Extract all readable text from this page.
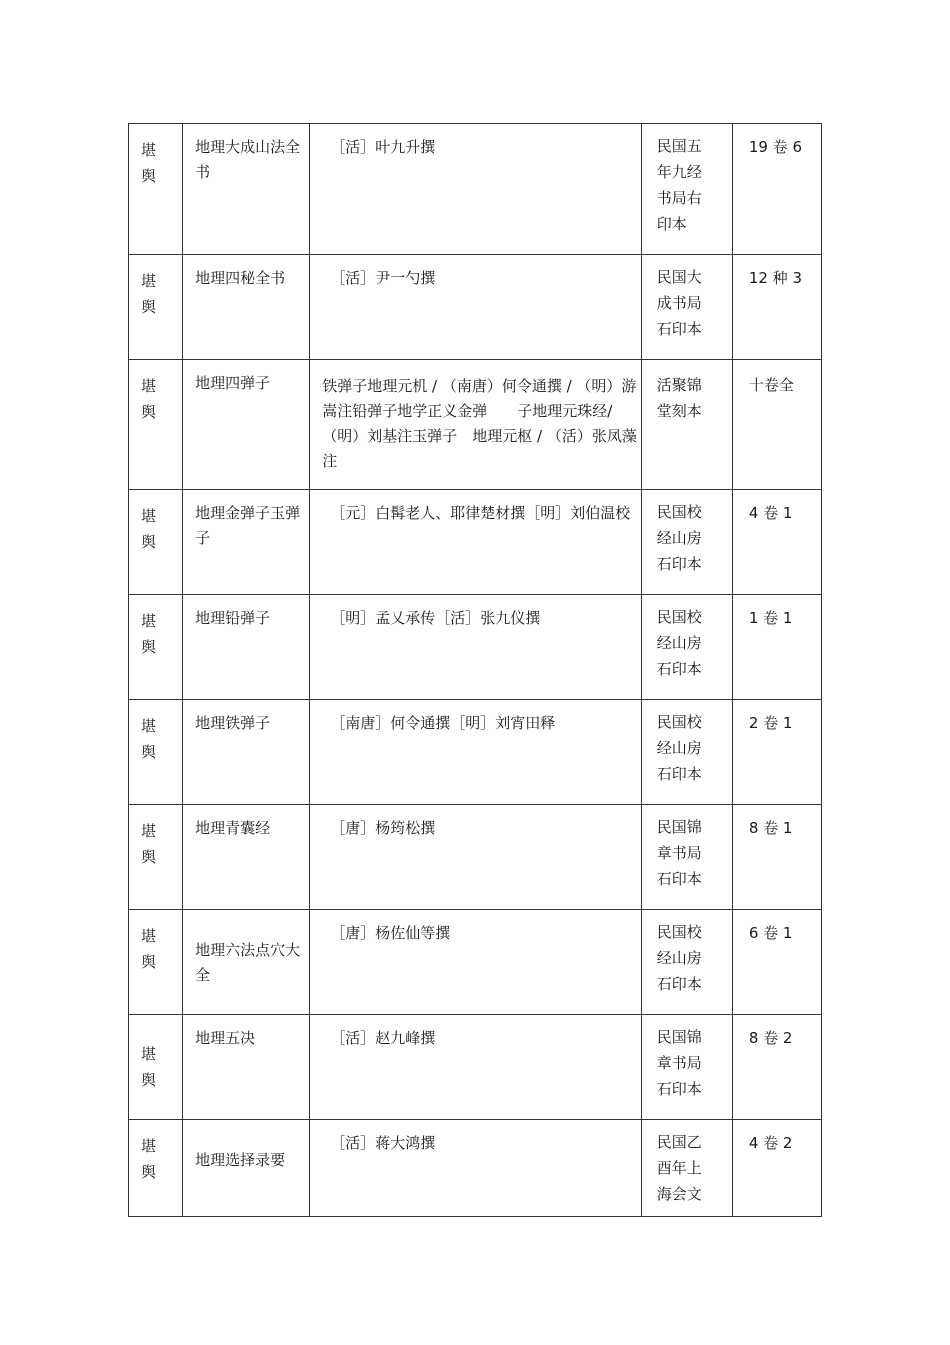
堪舆	地理大成山法全书	［活］叶九升撰	民国五年九经书局右印本	19 卷 6

堪舆	地理四秘全书	［活］尹一勺撰	民国大成书局石印本	12 种 3

堪舆	地理四弹子	铁弹子地理元机 / （南唐）何令通撰 / （明）游嵩注铅弹子地学正义金弹　　子地理元珠经/ （明）刘基注玉弹子　地理元枢 / （活）张凤藻注	活聚锦堂刻本	十卷全

堪舆	地理金弹子玉弹子	［元］白髯老人、耶律楚材撰［明］刘伯温校	民国校经山房石印本	4 卷 1

堪舆	地理铅弹子	［明］孟乂承传［活］张九仪撰	民国校经山房石印本	1 卷 1

堪舆	地理铁弹子	［南唐］何令通撰［明］刘宵田释	民国校经山房石印本	2 卷 1

堪舆	地理青囊经	［唐］杨筠松撰	民国锦章书局石印本	8 卷 1

堪舆	地理六法点穴大全	［唐］杨佐仙等撰	民国校经山房石印本	6 卷 1

堪舆	地理五决	［活］赵九峰撰	民国锦章书局石印本	8 卷 2

堪舆	地理选择录要	［活］蒋大鸿撰	民国乙酉年上海会文	4 卷 2
